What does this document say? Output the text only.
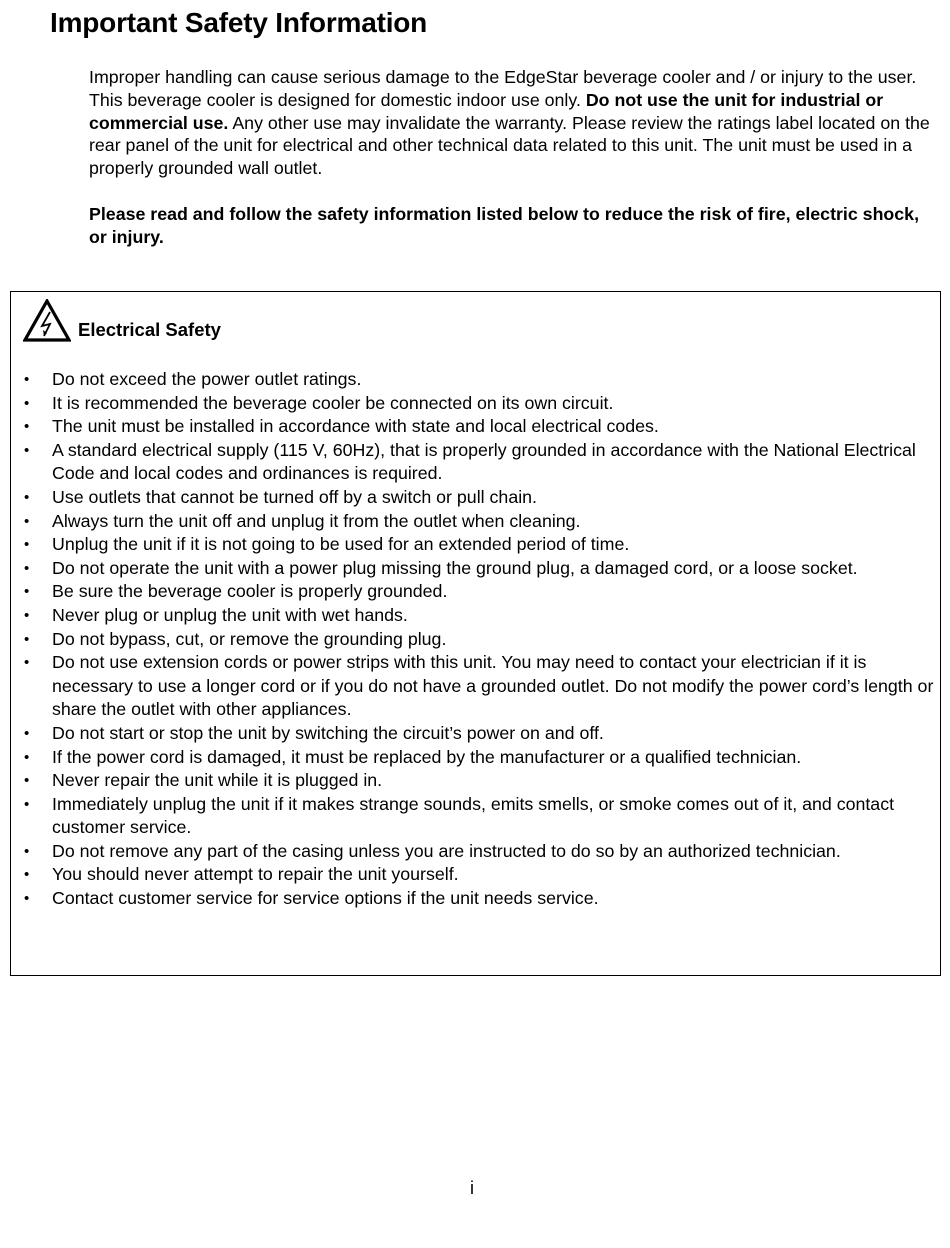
Important Safety Information

Improper handling can cause serious damage to the EdgeStar beverage cooler and / or injury to the user. This beverage cooler is designed for domestic indoor use only. Do not use the unit for industrial or commercial use. Any other use may invalidate the warranty. Please review the ratings label located on the rear panel of the unit for electrical and other technical data related to this unit. The unit must be used in a properly grounded wall outlet.

Please read and follow the safety information listed below to reduce the risk of fire, electric shock, or injury.

Electrical Safety
• Do not exceed the power outlet ratings.
• It is recommended the beverage cooler be connected on its own circuit.
• The unit must be installed in accordance with state and local electrical codes.
• A standard electrical supply (115 V, 60Hz), that is properly grounded in accordance with the National Electrical Code and local codes and ordinances is required.
• Use outlets that cannot be turned off by a switch or pull chain.
• Always turn the unit off and unplug it from the outlet when cleaning.
• Unplug the unit if it is not going to be used for an extended period of time.
• Do not operate the unit with a power plug missing the ground plug, a damaged cord, or a loose socket.
• Be sure the beverage cooler is properly grounded.
• Never plug or unplug the unit with wet hands.
• Do not bypass, cut, or remove the grounding plug.
• Do not use extension cords or power strips with this unit. You may need to contact your electrician if it is necessary to use a longer cord or if you do not have a grounded outlet. Do not modify the power cord’s length or share the outlet with other appliances.
• Do not start or stop the unit by switching the circuit’s power on and off.
• If the power cord is damaged, it must be replaced by the manufacturer or a qualified technician.
• Never repair the unit while it is plugged in.
• Immediately unplug the unit if it makes strange sounds, emits smells, or smoke comes out of it, and contact customer service.
• Do not remove any part of the casing unless you are instructed to do so by an authorized technician.
• You should never attempt to repair the unit yourself.
• Contact customer service for service options if the unit needs service.
i
